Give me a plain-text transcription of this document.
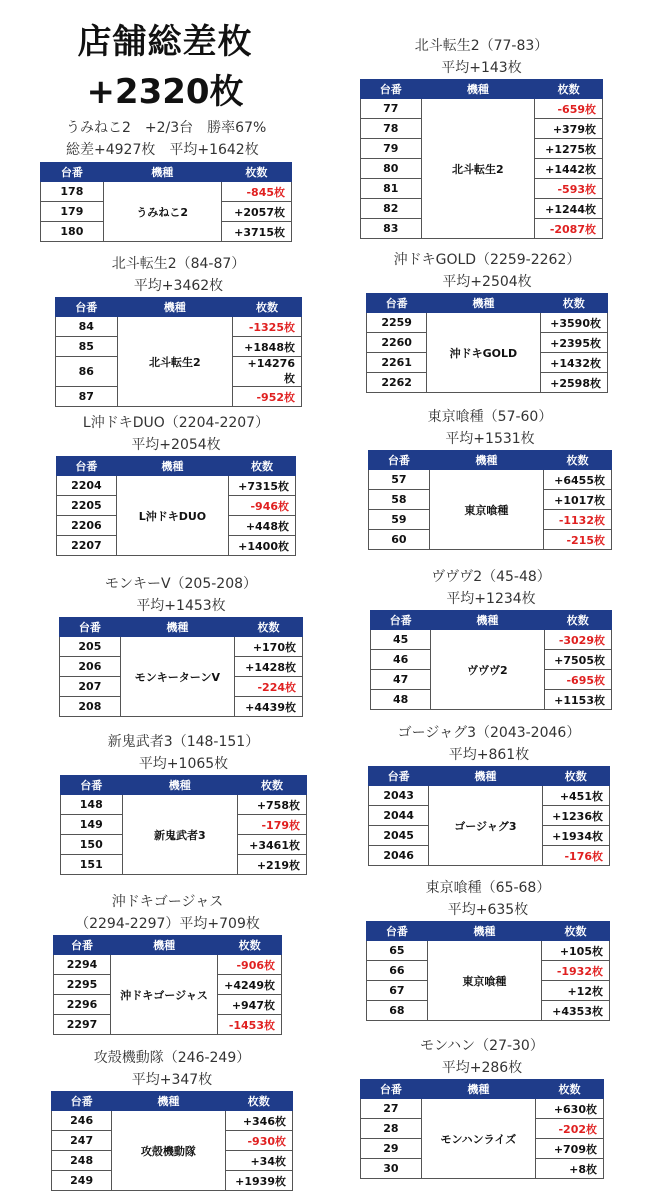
店舗総差枚
+2320枚
うみねこ2　+2/3台　勝率67%
総差+4927枚　平均+1642枚
台番	機種	枚数
178	うみねこ2	-845枚
179		+2057枚
180		+3715枚
北斗転生2（84-87）
平均+3462枚
台番	機種	枚数
84	北斗転生2	-1325枚
85		+1848枚
86		+14276枚
87		-952枚
L沖ドキDUO（2204-2207）
平均+2054枚
台番	機種	枚数
2204	L沖ドキDUO	+7315枚
2205		-946枚
2206		+448枚
2207		+1400枚
モンキーV（205-208）
平均+1453枚
台番	機種	枚数
205	モンキーターンV	+170枚
206		+1428枚
207		-224枚
208		+4439枚
新鬼武者3（148-151）
平均+1065枚
台番	機種	枚数
148	新鬼武者3	+758枚
149		-179枚
150		+3461枚
151		+219枚
沖ドキゴージャス
（2294-2297）平均+709枚
台番	機種	枚数
2294	沖ドキゴージャス	-906枚
2295		+4249枚
2296		+947枚
2297		-1453枚
攻殻機動隊（246-249）
平均+347枚
台番	機種	枚数
246	攻殻機動隊	+346枚
247		-930枚
248		+34枚
249		+1939枚
北斗転生2（77-83）
平均+143枚
台番	機種	枚数
77	北斗転生2	-659枚
78		+379枚
79		+1275枚
80		+1442枚
81		-593枚
82		+1244枚
83		-2087枚
沖ドキGOLD（2259-2262）
平均+2504枚
台番	機種	枚数
2259	沖ドキGOLD	+3590枚
2260		+2395枚
2261		+1432枚
2262		+2598枚
東京喰種（57-60）
平均+1531枚
台番	機種	枚数
57	東京喰種	+6455枚
58		+1017枚
59		-1132枚
60		-215枚
ヴヴヴ2（45-48）
平均+1234枚
台番	機種	枚数
45	ヴヴヴ2	-3029枚
46		+7505枚
47		-695枚
48		+1153枚
ゴージャグ3（2043-2046）
平均+861枚
台番	機種	枚数
2043	ゴージャグ3	+451枚
2044		+1236枚
2045		+1934枚
2046		-176枚
東京喰種（65-68）
平均+635枚
台番	機種	枚数
65	東京喰種	+105枚
66		-1932枚
67		+12枚
68		+4353枚
モンハン（27-30）
平均+286枚
台番	機種	枚数
27	モンハンライズ	+630枚
28		-202枚
29		+709枚
30		+8枚
